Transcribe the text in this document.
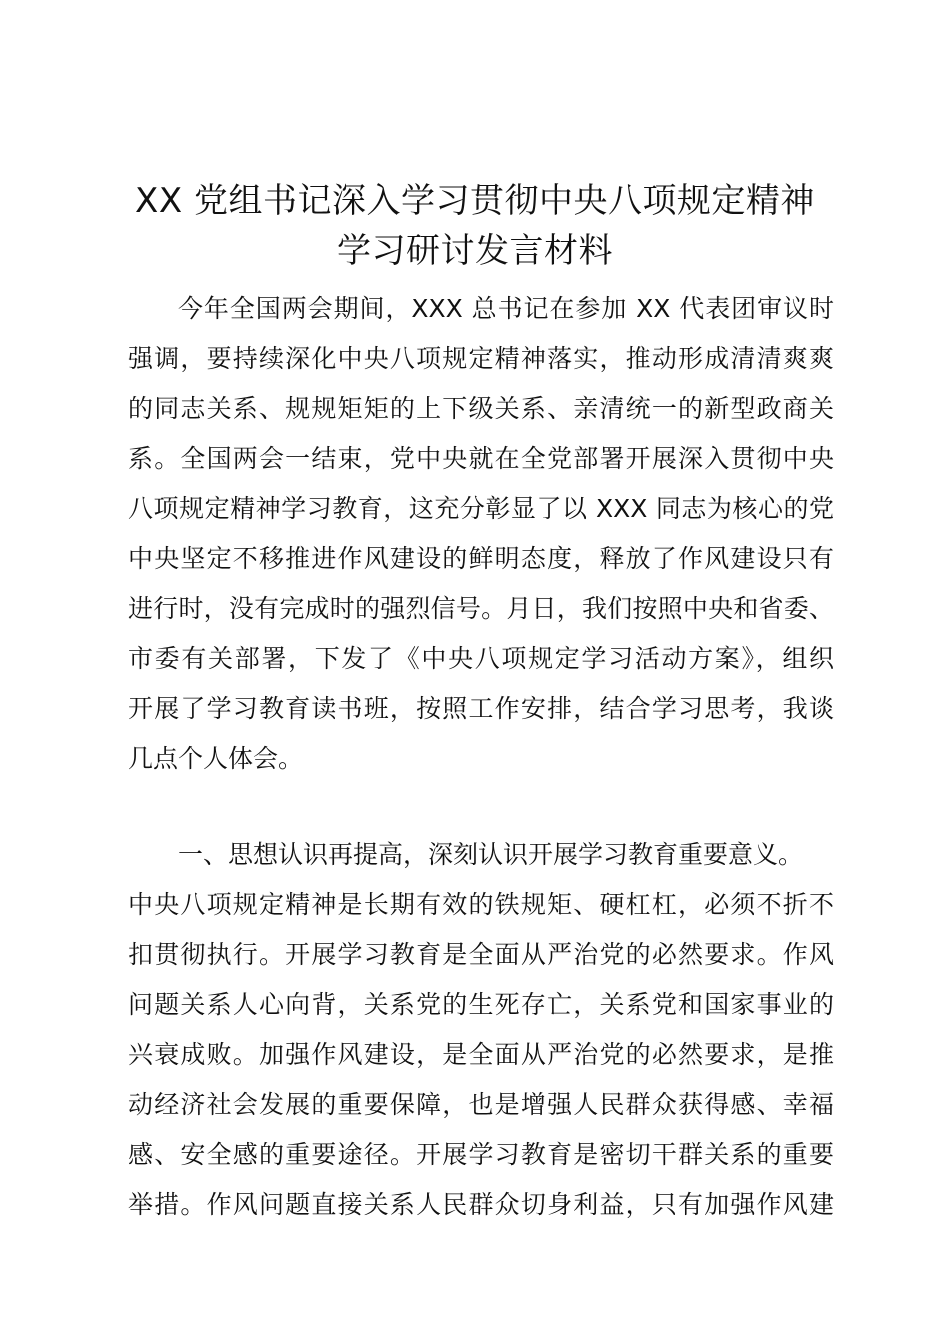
XX 党组书记深入学习贯彻中央八项规定精神
学习研讨发言材料
今年全国两会期间，XXX 总书记在参加 XX 代表团审议时
强调，要持续深化中央八项规定精神落实，推动形成清清爽爽
的同志关系、规规矩矩的上下级关系、亲清统一的新型政商关
系。全国两会一结束，党中央就在全党部署开展深入贯彻中央
八项规定精神学习教育，这充分彰显了以 XXX 同志为核心的党
中央坚定不移推进作风建设的鲜明态度，释放了作风建设只有
进行时，没有完成时的强烈信号。月日，我们按照中央和省委、
市委有关部署，下发了《中央八项规定学习活动方案》，组织
开展了学习教育读书班，按照工作安排，结合学习思考，我谈
几点个人体会。
一、思想认识再提高，深刻认识开展学习教育重要意义。
中央八项规定精神是长期有效的铁规矩、硬杠杠，必须不折不
扣贯彻执行。开展学习教育是全面从严治党的必然要求。作风
问题关系人心向背，关系党的生死存亡，关系党和国家事业的
兴衰成败。加强作风建设，是全面从严治党的必然要求，是推
动经济社会发展的重要保障，也是增强人民群众获得感、幸福
感、安全感的重要途径。开展学习教育是密切干群关系的重要
举措。作风问题直接关系人民群众切身利益，只有加强作风建
